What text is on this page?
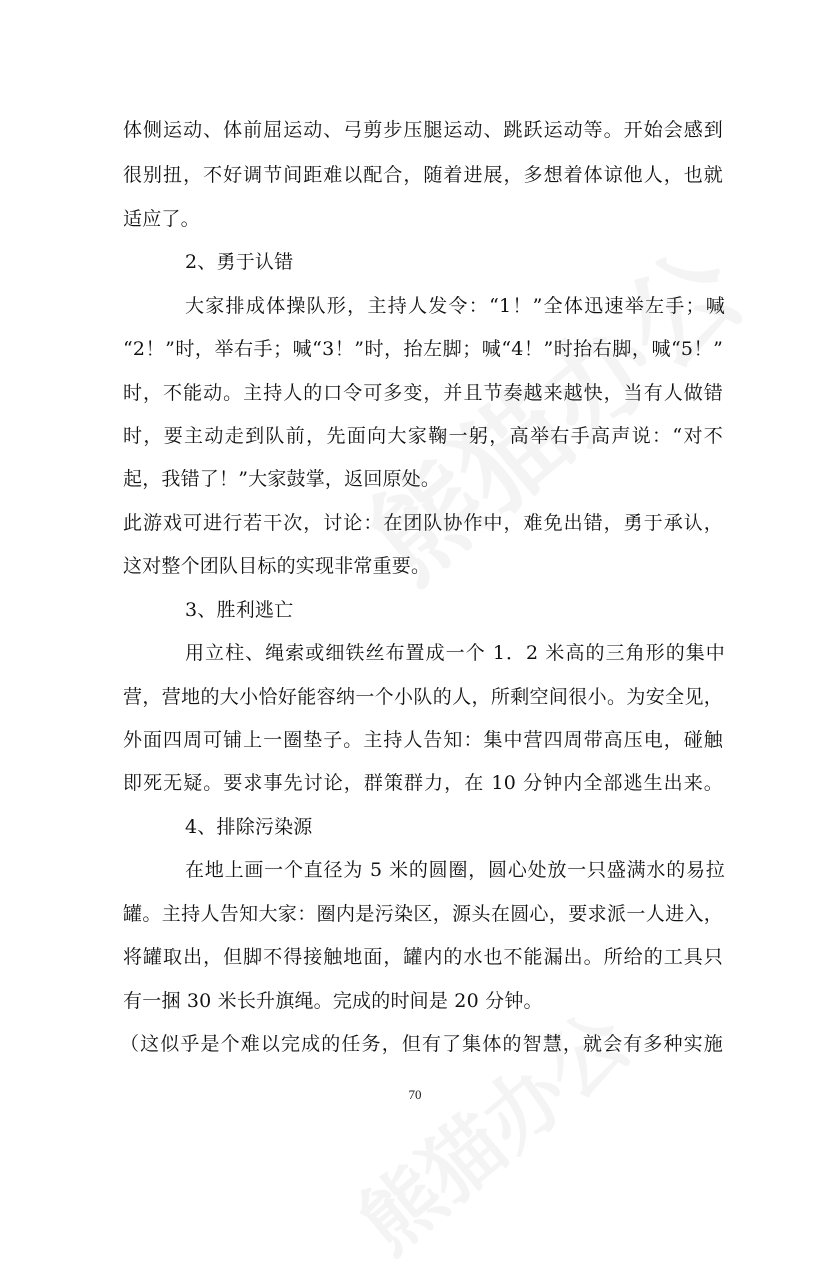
体侧运动、体前屈运动、弓剪步压腿运动、跳跃运动等。开始会感到
很别扭，不好调节间距难以配合，随着进展，多想着体谅他人，也就
适应了。
2、勇于认错
大家排成体操队形，主持人发令：“1！”全体迅速举左手；喊
“2！”时，举右手；喊“3！”时，抬左脚；喊“4！”时抬右脚，喊“5！”
时，不能动。主持人的口令可多变，并且节奏越来越快，当有人做错
时，要主动走到队前，先面向大家鞠一躬，高举右手高声说：“对不
起，我错了！”大家鼓掌，返回原处。
此游戏可进行若干次，讨论：在团队协作中，难免出错，勇于承认，
这对整个团队目标的实现非常重要。
3、胜利逃亡
用立柱、绳索或细铁丝布置成一个 1．2 米高的三角形的集中
营，营地的大小恰好能容纳一个小队的人，所剩空间很小。为安全见，
外面四周可铺上一圈垫子。主持人告知：集中营四周带高压电，碰触
即死无疑。要求事先讨论，群策群力，在 10 分钟内全部逃生出来。
4、排除污染源
在地上画一个直径为 5 米的圆圈，圆心处放一只盛满水的易拉
罐。主持人告知大家：圈内是污染区，源头在圆心，要求派一人进入，
将罐取出，但脚不得接触地面，罐内的水也不能漏出。所给的工具只
有一捆 30 米长升旗绳。完成的时间是 20 分钟。
（这似乎是个难以完成的任务，但有了集体的智慧，就会有多种实施
70
